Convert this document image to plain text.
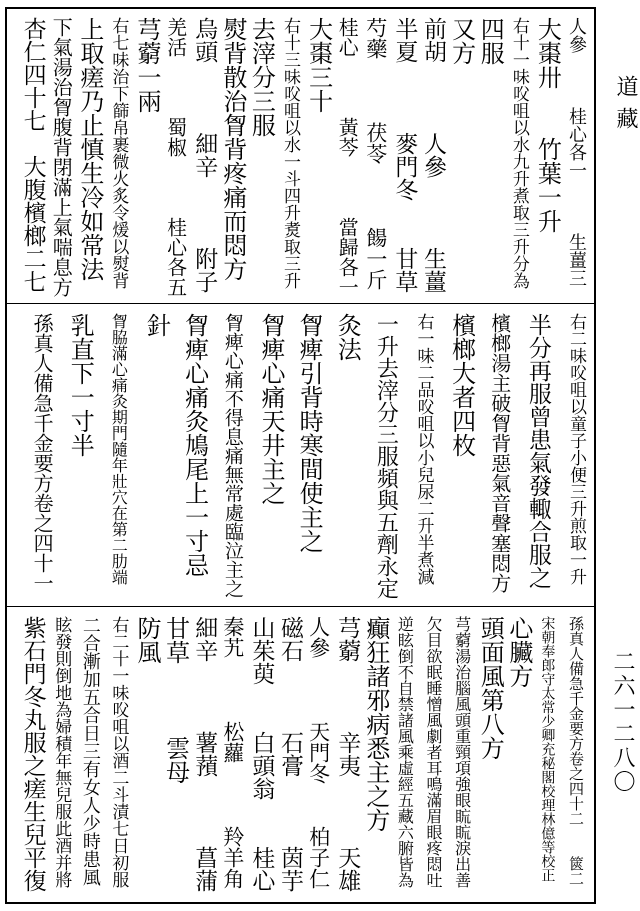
人參　　　桂心各一　　　生薑三
大棗卅　　竹葉一升
右十一味㕮咀以水九升煮取三升分為
四服
又方
前胡　　　人參　　　生薑
半夏　　　麥門冬　　甘草
芍藥　　　茯苓　　　餳一斤
桂心　　　黃芩　　　當歸各一
大棗三十
右十三味㕮咀以水一斗四升煑取三升
去滓分三服
熨背散治胷背疼痛而悶方
烏頭　　　細辛　　　附子
羌活　　　蜀椒　　　桂心各五
芎藭一兩
右七味治下篩帛裹微火炙令煖以熨背
上取瘥乃止慎生冷如常法
下氣湯治胷腹背閉滿上氣喘息方
杏仁四十七　大腹檳榔二七
右二味㕮咀以童子小便三升煎取一升
半分再服曾患氣發輙合服之
檳榔湯主破胷背惡氣音聲塞悶方
檳榔大者四枚
右一味二品㕮咀以小兒尿二升半煮減
一升去滓分三服頻與五劑永定
灸法
胷痺引背時寒間使主之
胷痺心痛天井主之
胷痺心痛不得息痛無常處臨泣主之
胷痺心痛灸鳩尾上一寸忌
針
胷脇滿心痛灸期門隨年壯穴在第二肋端
乳直下一寸半
孫真人備急千金要方卷之四十一
孫真人備急千金要方卷之四十二　　篋二
宋朝奉郎守太常少卿充秘閣校理林億等校正
心臟方
頭面風第八方
芎藭湯治腦風頭重頸項強眼䀮䀮淚出善
欠目欲眠睡憎風劇者耳鳴滿眉眼疼悶吐
逆眩倒不自禁諸風乘虛經五藏六腑皆為
癲狂諸邪病悉主之方
芎藭　　　辛夷　　　天雄
人參　　　天門冬　　柏子仁
磁石　　　石膏　　　茵芋
山茱萸　　白頭翁　　桂心
秦艽　　　松蘿　　　羚羊角
細辛　　　薯蕷　　　菖蒲
甘草　　　雲母　　　
防風
右二十一味㕮咀以酒二斗漬七日初服
二合漸加五合日三有女人少時患風
眩發則倒地為婦積年無兒服此酒并將
紫石門冬丸服之瘥生兒平復
道藏
二六一二八〇
